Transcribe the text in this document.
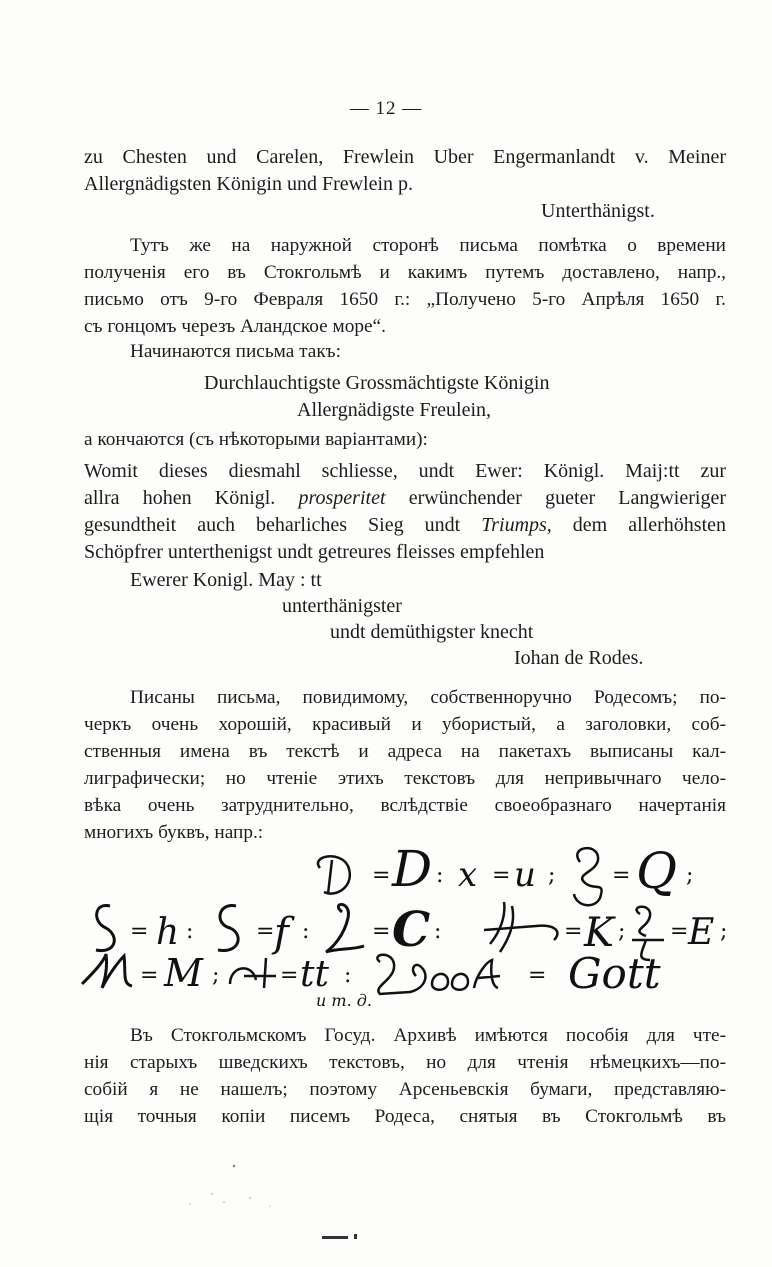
— 12 —

zu Chesten und Carelen, Frewlein Uber Engermanlandt v. Meiner

Allergnädigsten Königin und Frewlein p.

Unterthänigst.

Тутъ же на наружной сторонѣ письма помѣтка о времени

полученія его въ Стокгольмѣ и какимъ путемъ доставлено, напр.,

письмо отъ 9-го Февраля 1650 г.: „Получено 5-го Апрѣля 1650 г.

съ гонцомъ черезъ Аландское море“.

Начинаются письма такъ:

Durchlauchtigste Grossmächtigste Königin

Allergnädigste Freulein,

а кончаются (съ нѣкоторыми варіантами):

Womit dieses diesmahl schliesse, undt Ewer: Königl. Maij:tt zur

allra hohen Königl. prosperitet erwünchender gueter Langwieriger

gesundtheit auch beharliches Sieg undt Triumps, dem allerhöhsten

Schöpfrer unterthenigst undt getreures fleisses empfehlen

Ewerer Konigl. May : tt

unterthänigster

undt demüthigster knecht

Iohan de Rodes.

Писаны письма, повидимому, собственноручно Родесомъ; по-

черкъ очень хорошій, красивый и убористый, а заголовки, соб-

ственныя имена въ текстѣ и адреса на пакетахъ выписаны кал-

лиграфически; но чтеніе этихъ текстовъ для непривычнаго чело-

вѣка очень затруднительно, вслѣдствіе своеобразнаго начертанія

многихъ буквъ, напр.:

= D : x = u ;	= Q ;
= h :	= f :	= C :	= K ; = E ;
= M ;	= tt :	= Gott
и т. д.

Въ Стокгольмскомъ Госуд. Архивѣ имѣются пособія для чте-

нія старыхъ шведскихъ текстовъ, но для чтенія нѣмецкихъ—по-

собій я не нашелъ; поэтому Арсеньевскія бумаги, представляю-

щія точныя копіи писемъ Родеса, снятыя въ Стокгольмѣ въ
